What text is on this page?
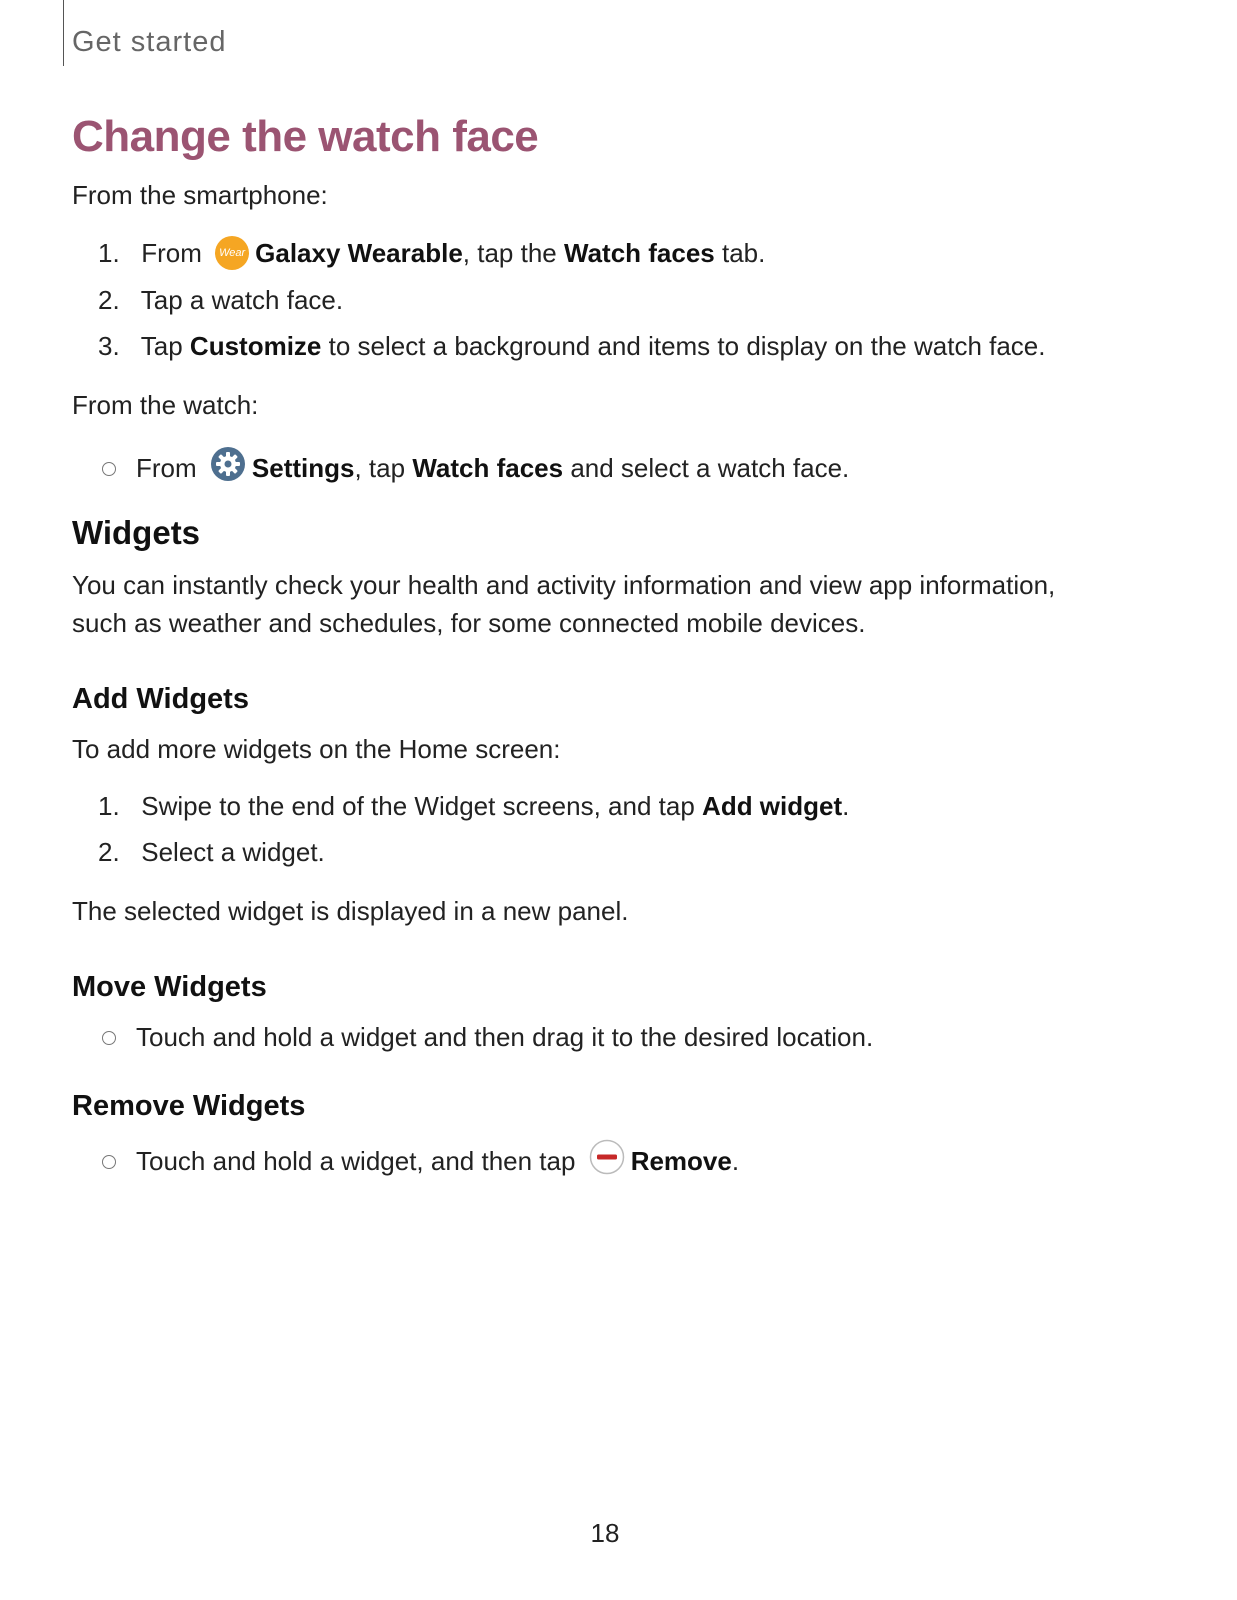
Get started
Change the watch face

From the smartphone:

1. From Wear Galaxy Wearable, tap the Watch faces tab.
2. Tap a watch face.
3. Tap Customize to select a background and items to display on the watch face.

From the watch:

From Settings, tap Watch faces and select a watch face.
Widgets

You can instantly check your health and activity information and view app information, such as weather and schedules, for some connected mobile devices.

Add Widgets

To add more widgets on the Home screen:

1. Swipe to the end of the Widget screens, and tap Add widget.
2. Select a widget.

The selected widget is displayed in a new panel.

Move Widgets
Touch and hold a widget and then drag it to the desired location.
Remove Widgets
Touch and hold a widget, and then tap Remove.
18
